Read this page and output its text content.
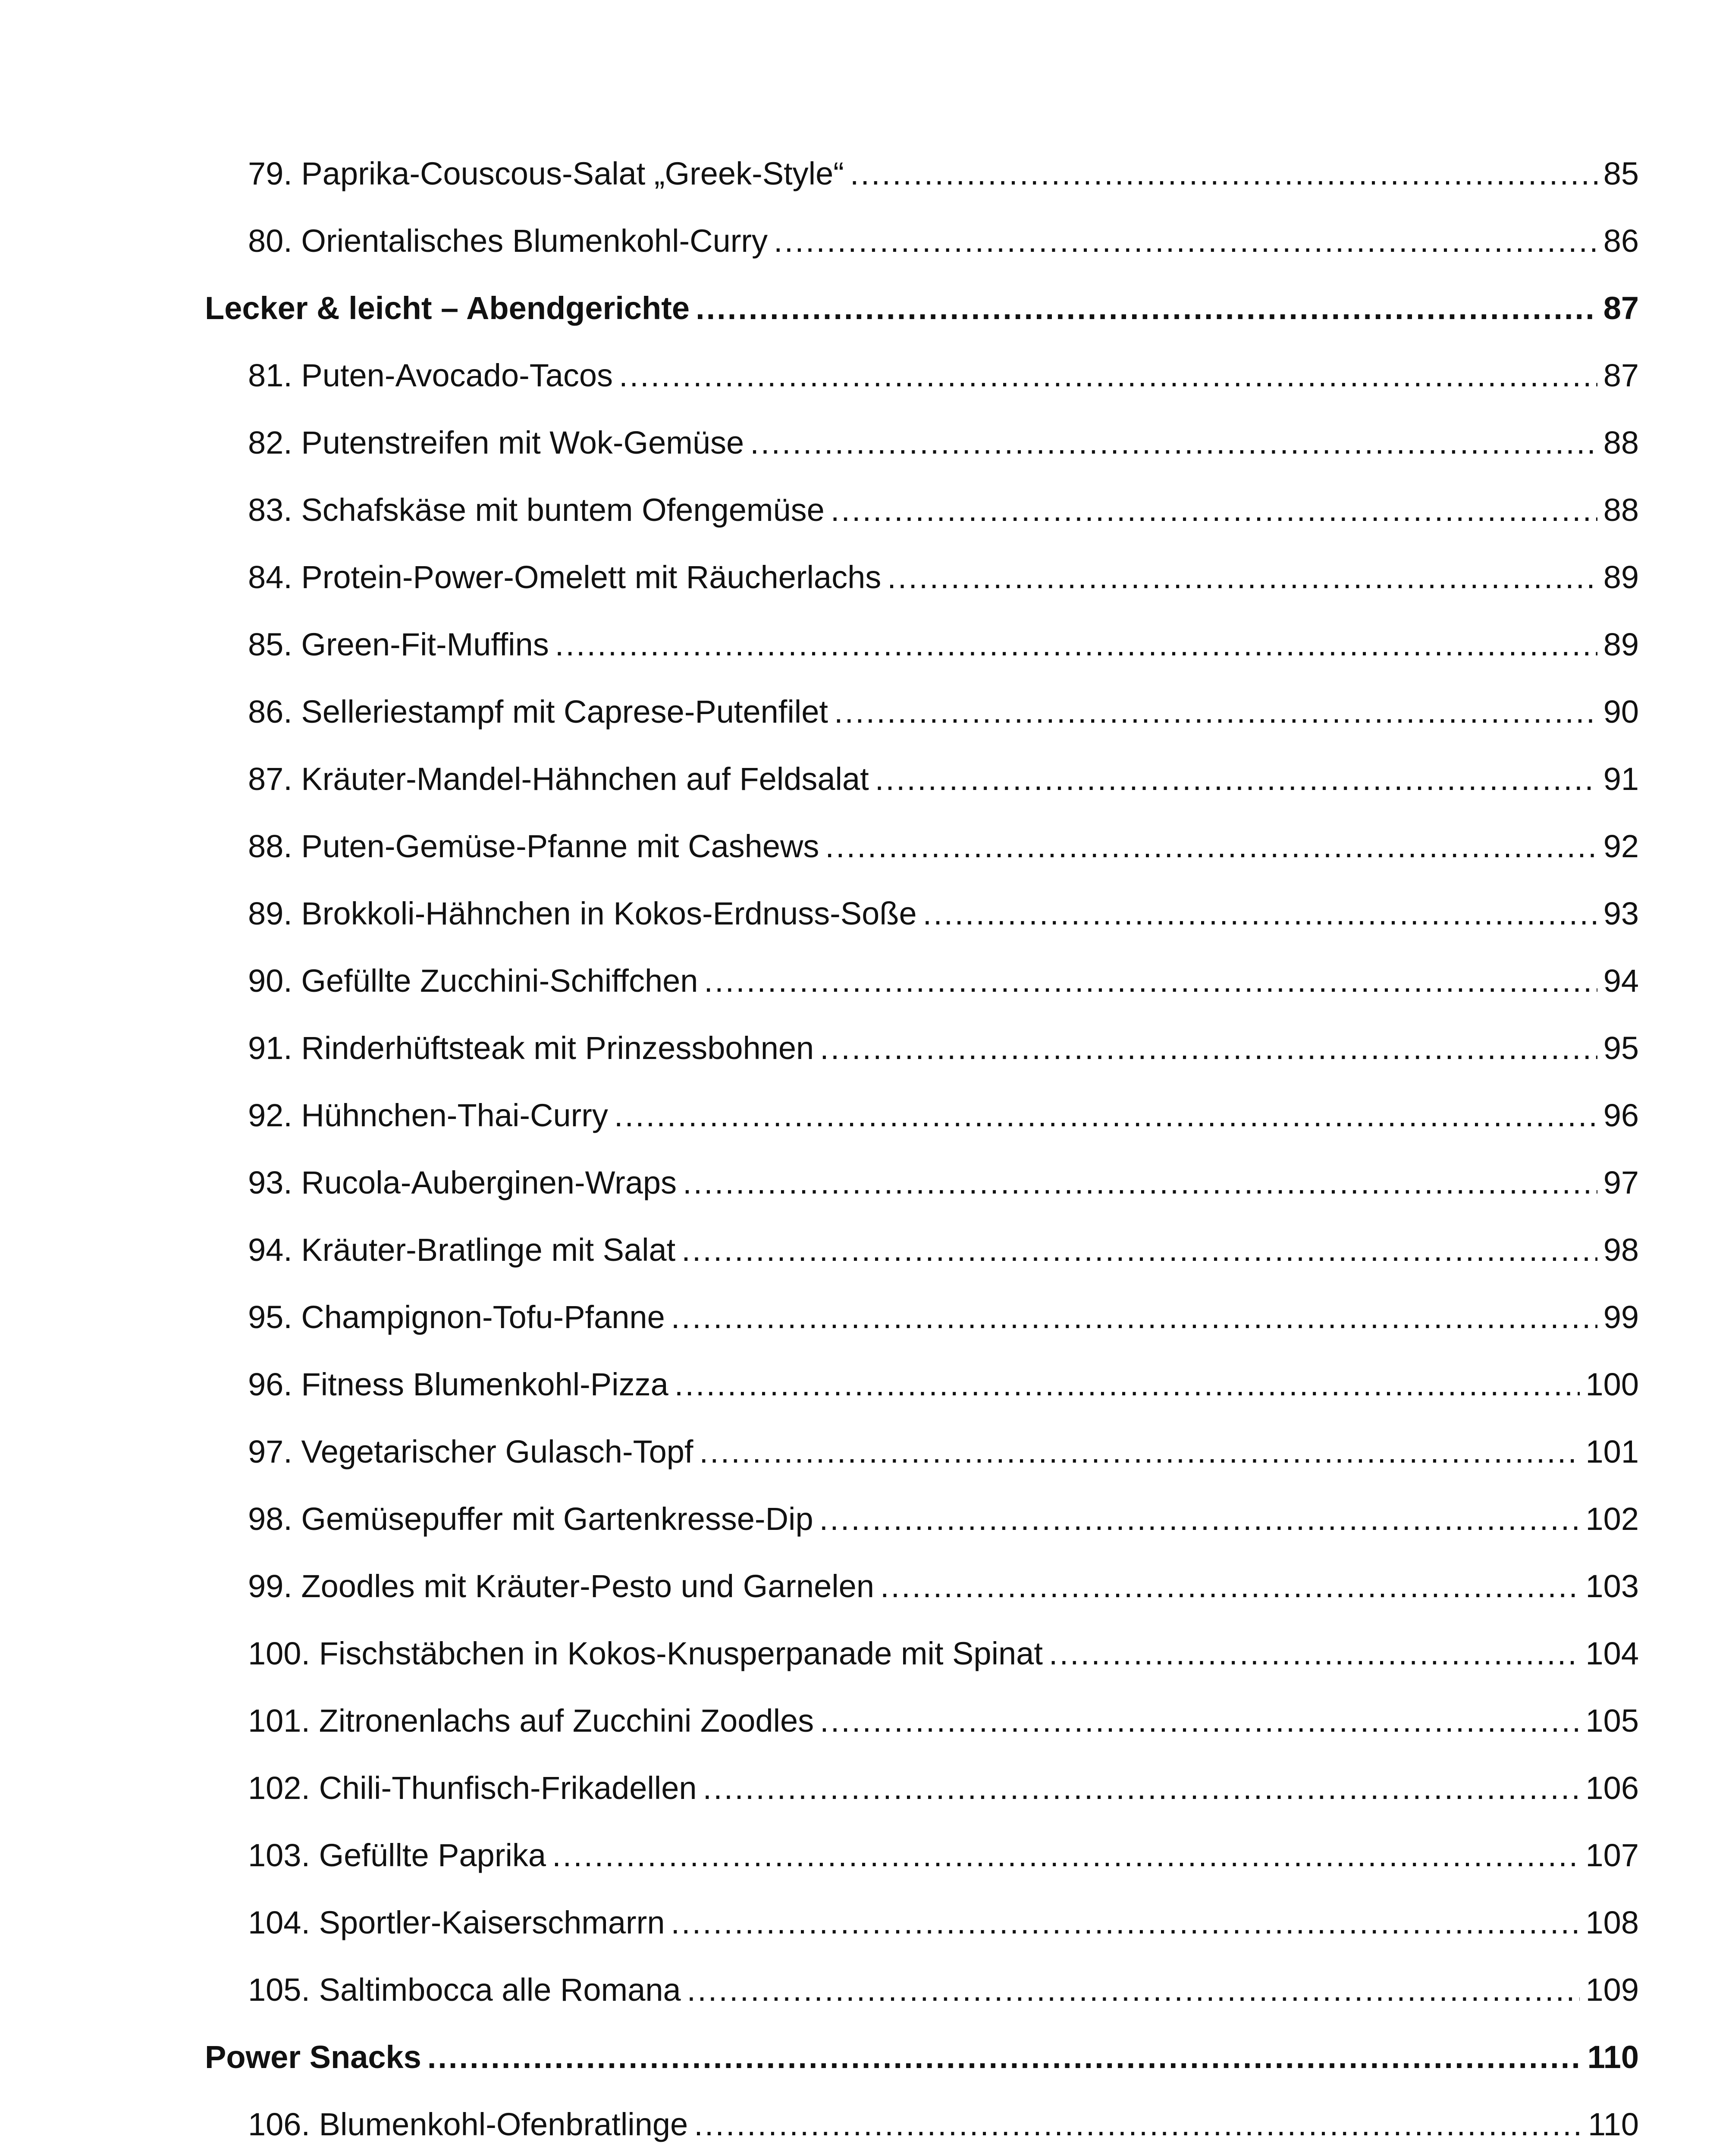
79. Paprika-Couscous-Salat „Greek-Style“ .....	85
80. Orientalisches Blumenkohl-Curry .....	86
Lecker & leicht – Abendgerichte .....	87
81. Puten-Avocado-Tacos .....	87
82. Putenstreifen mit Wok-Gemüse .....	88
83. Schafskäse mit buntem Ofengemüse .....	88
84. Protein-Power-Omelett mit Räucherlachs .....	89
85. Green-Fit-Muffins .....	89
86. Selleriestampf mit Caprese-Putenfilet .....	90
87. Kräuter-Mandel-Hähnchen auf Feldsalat .....	91
88. Puten-Gemüse-Pfanne mit Cashews .....	92
89. Brokkoli-Hähnchen in Kokos-Erdnuss-Soße .....	93
90. Gefüllte Zucchini-Schiffchen .....	94
91. Rinderhüftsteak mit Prinzessbohnen .....	95
92. Hühnchen-Thai-Curry .....	96
93. Rucola-Auberginen-Wraps .....	97
94. Kräuter-Bratlinge mit Salat .....	98
95. Champignon-Tofu-Pfanne .....	99
96. Fitness Blumenkohl-Pizza .....	100
97. Vegetarischer Gulasch-Topf .....	101
98. Gemüsepuffer mit Gartenkresse-Dip .....	102
99. Zoodles mit Kräuter-Pesto und Garnelen .....	103
100. Fischstäbchen in Kokos-Knusperpanade mit Spinat .....	104
101. Zitronenlachs auf Zucchini Zoodles .....	105
102. Chili-Thunfisch-Frikadellen .....	106
103. Gefüllte Paprika .....	107
104. Sportler-Kaiserschmarrn .....	108
105. Saltimbocca alle Romana .....	109
Power Snacks .....	110
106. Blumenkohl-Ofenbratlinge .....	110
